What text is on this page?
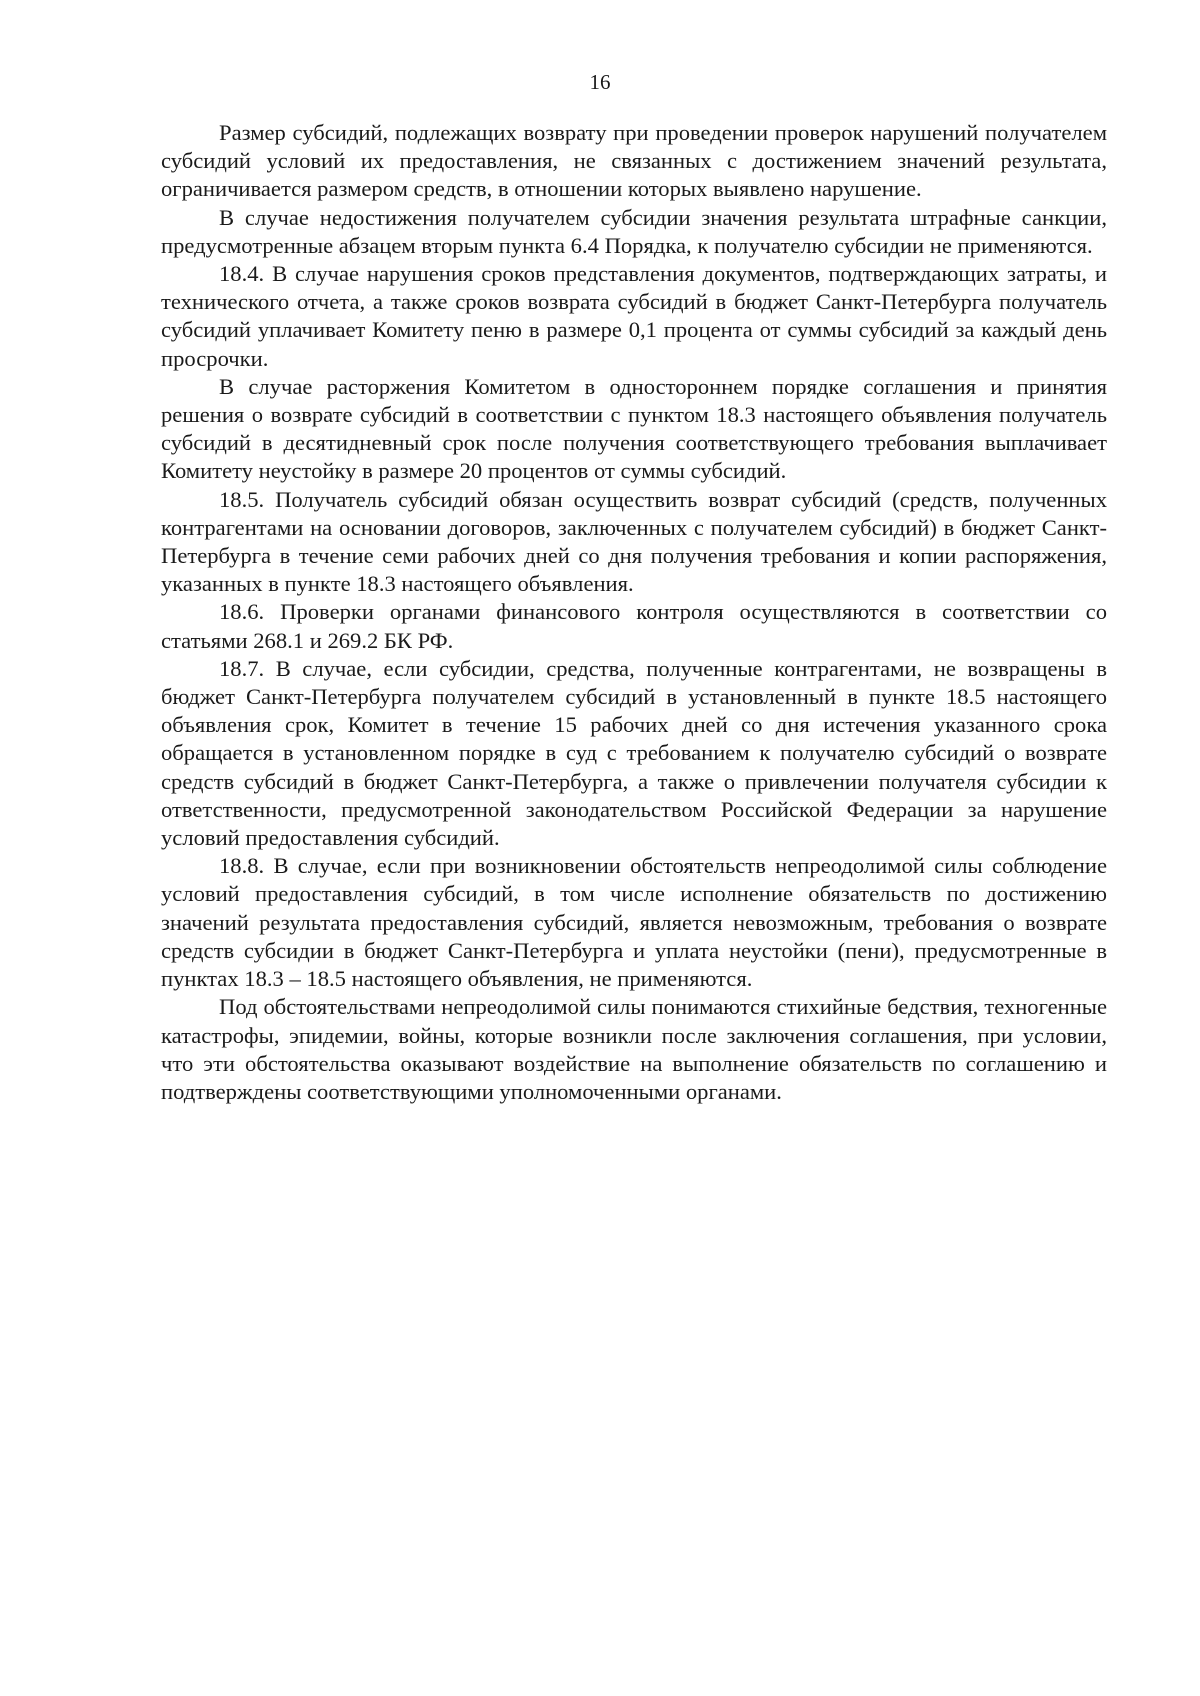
16

Размер субсидий, подлежащих возврату при проведении проверок нарушений получателем субсидий условий их предоставления, не связанных с достижением значений результата, ограничивается размером средств, в отношении которых выявлено нарушение.

В случае недостижения получателем субсидии значения результата штрафные санкции, предусмотренные абзацем вторым пункта 6.4 Порядка, к получателю субсидии не применяются.

18.4. В случае нарушения сроков представления документов, подтверждающих затраты, и технического отчета, а также сроков возврата субсидий в бюджет Санкт-Петербурга получатель субсидий уплачивает Комитету пеню в размере 0,1 процента от суммы субсидий за каждый день просрочки.

В случае расторжения Комитетом в одностороннем порядке соглашения и принятия решения о возврате субсидий в соответствии с пунктом 18.3 настоящего объявления получатель субсидий в десятидневный срок после получения соответствующего требования выплачивает Комитету неустойку в размере 20 процентов от суммы субсидий.

18.5. Получатель субсидий обязан осуществить возврат субсидий (средств, полученных контрагентами на основании договоров, заключенных с получателем субсидий) в бюджет Санкт-Петербурга в течение семи рабочих дней со дня получения требования и копии распоряжения, указанных в пункте 18.3 настоящего объявления.

18.6. Проверки органами финансового контроля осуществляются в соответствии со статьями 268.1 и 269.2 БК РФ.

18.7. В случае, если субсидии, средства, полученные контрагентами, не возвращены в бюджет Санкт-Петербурга получателем субсидий в установленный в пункте 18.5 настоящего объявления срок, Комитет в течение 15 рабочих дней со дня истечения указанного срока обращается в установленном порядке в суд с требованием к получателю субсидий о возврате средств субсидий в бюджет Санкт-Петербурга, а также о привлечении получателя субсидии к ответственности, предусмотренной законодательством Российской Федерации за нарушение условий предоставления субсидий.

18.8. В случае, если при возникновении обстоятельств непреодолимой силы соблюдение условий предоставления субсидий, в том числе исполнение обязательств по достижению значений результата предоставления субсидий, является невозможным, требования о возврате средств субсидии в бюджет Санкт-Петербурга и уплата неустойки (пени), предусмотренные в пунктах 18.3 – 18.5 настоящего объявления, не применяются.

Под обстоятельствами непреодолимой силы понимаются стихийные бедствия, техногенные катастрофы, эпидемии, войны, которые возникли после заключения соглашения, при условии, что эти обстоятельства оказывают воздействие на выполнение обязательств по соглашению и подтверждены соответствующими уполномоченными органами.
